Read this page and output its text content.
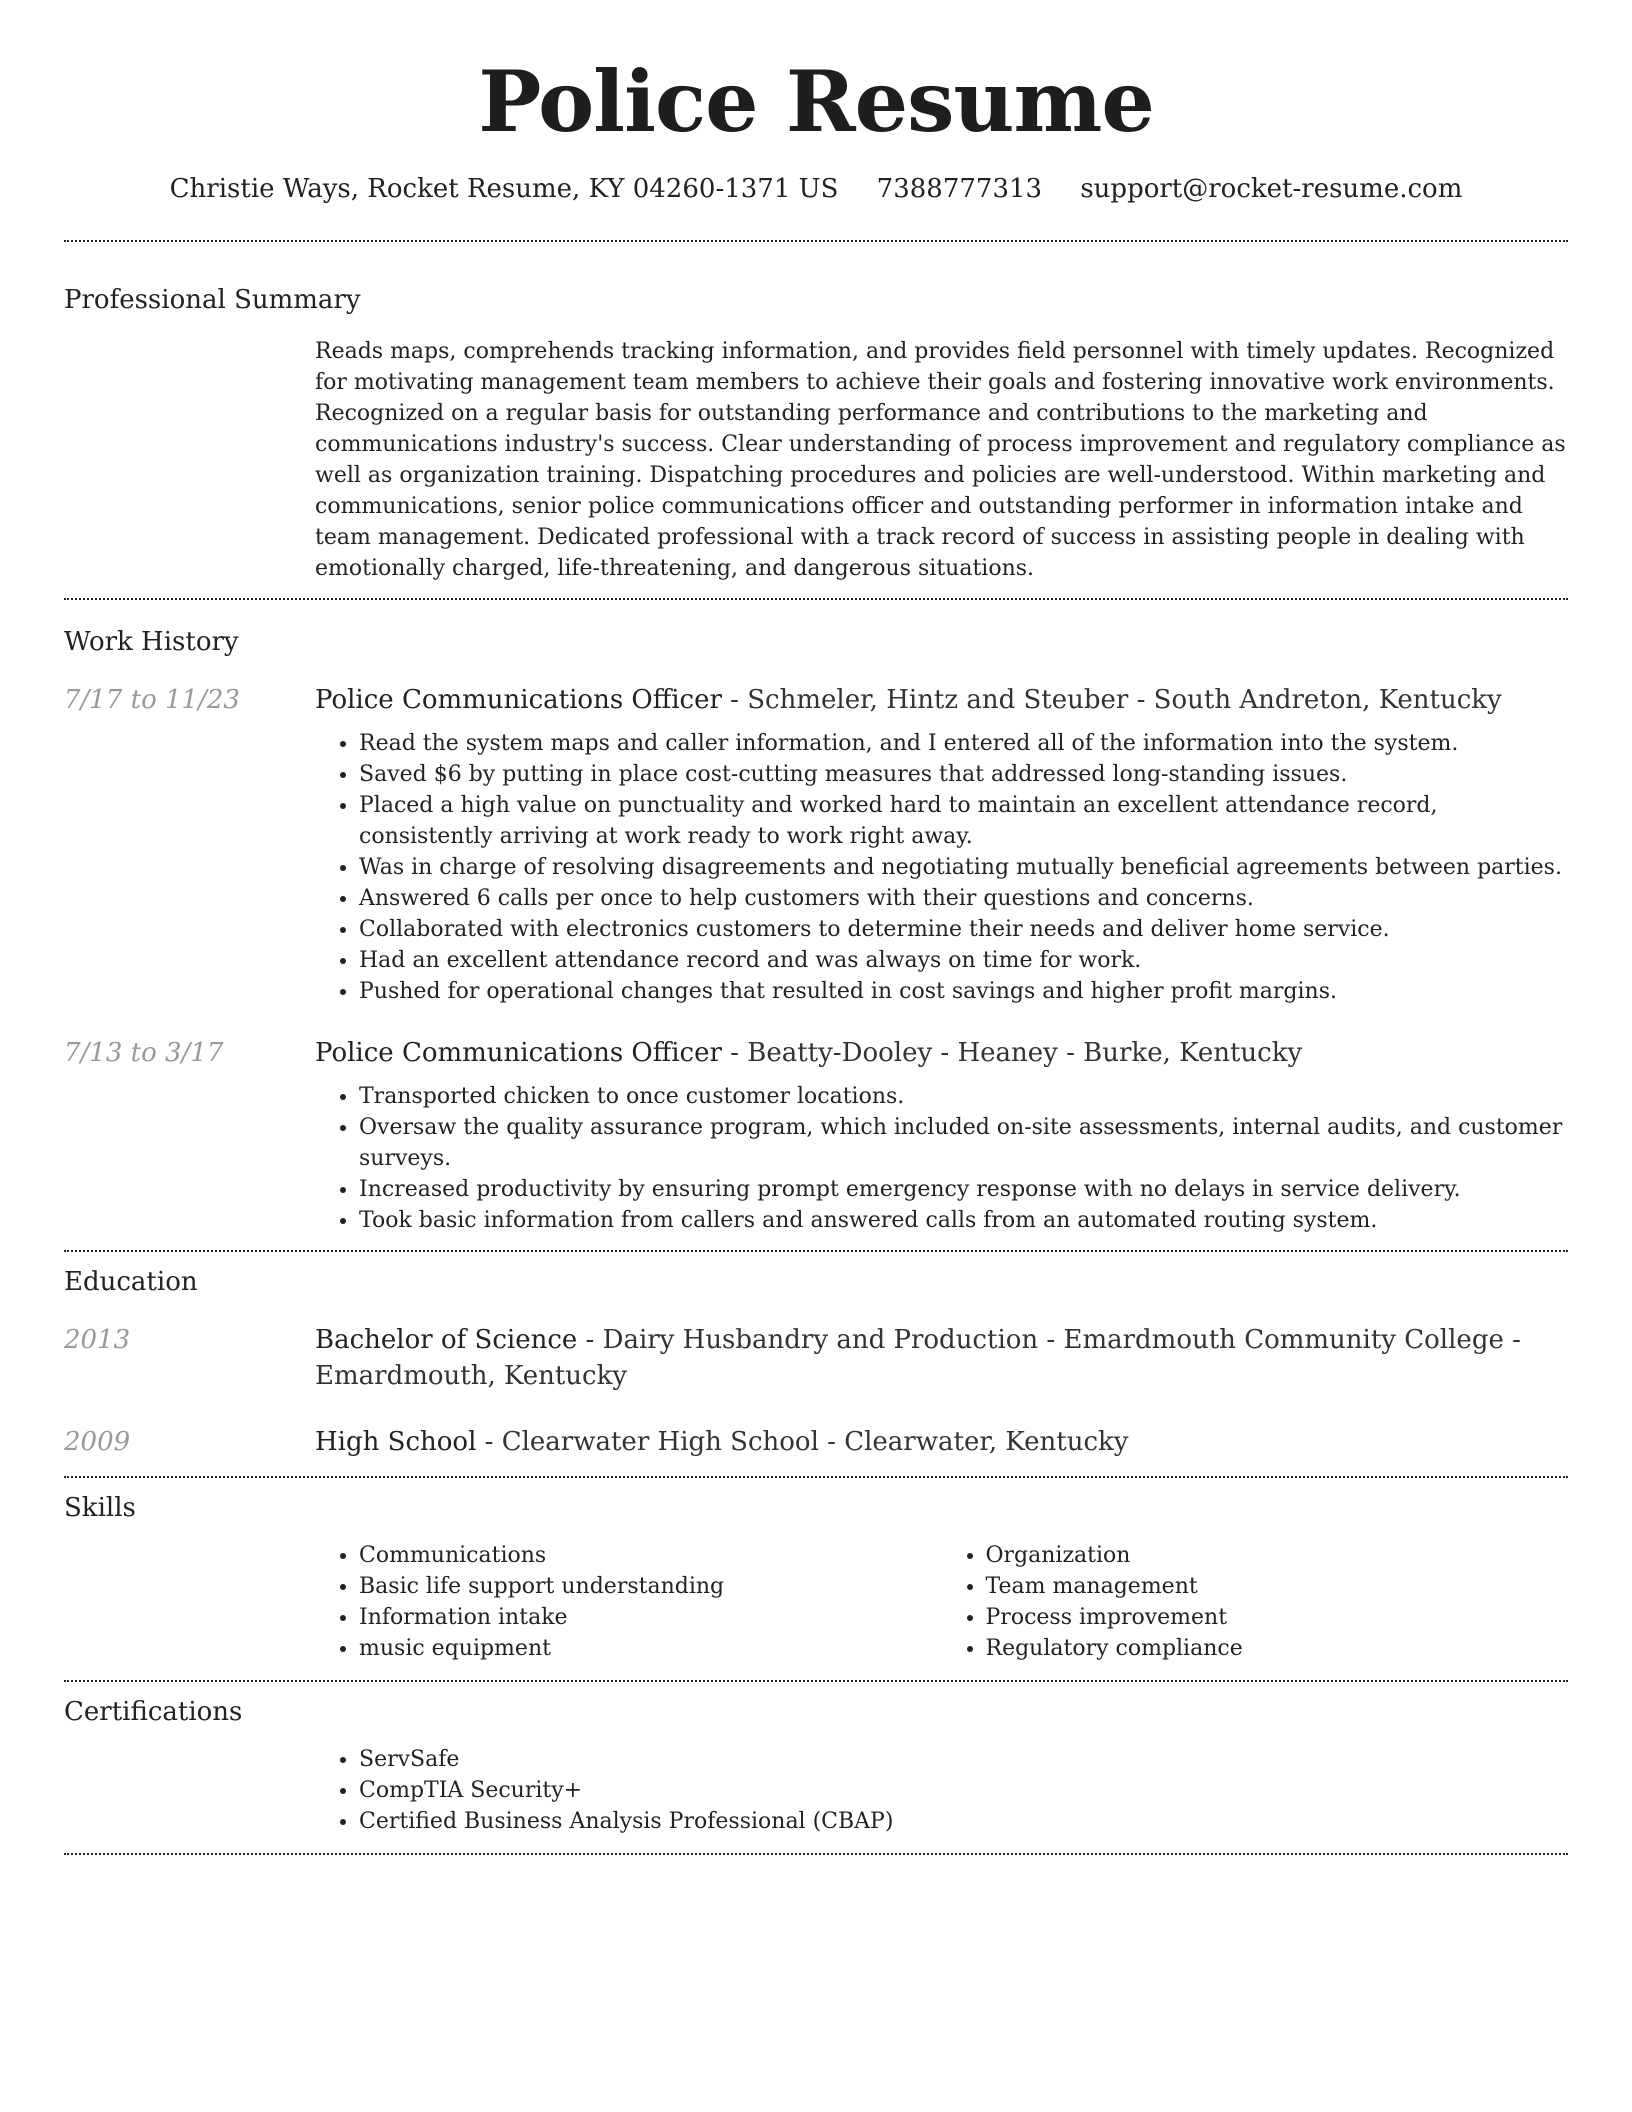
Police Resume
Christie Ways, Rocket Resume, KY 04260-1371 US 7388777313 support@rocket-resume.com
Professional Summary
Reads maps, comprehends tracking information, and provides field personnel with timely updates. Recognized for motivating management team members to achieve their goals and fostering innovative work environments. Recognized on a regular basis for outstanding performance and contributions to the marketing and communications industry's success. Clear understanding of process improvement and regulatory compliance as well as organization training. Dispatching procedures and policies are well-understood. Within marketing and communications, senior police communications officer and outstanding performer in information intake and team management. Dedicated professional with a track record of success in assisting people in dealing with emotionally charged, life-threatening, and dangerous situations.
Work History
7/17 to 11/23	Police Communications Officer - Schmeler, Hintz and Steuber - South Andreton, Kentucky
• Read the system maps and caller information, and I entered all of the information into the system.
• Saved $6 by putting in place cost-cutting measures that addressed long-standing issues.
• Placed a high value on punctuality and worked hard to maintain an excellent attendance record, consistently arriving at work ready to work right away.
• Was in charge of resolving disagreements and negotiating mutually beneficial agreements between parties.
• Answered 6 calls per once to help customers with their questions and concerns.
• Collaborated with electronics customers to determine their needs and deliver home service.
• Had an excellent attendance record and was always on time for work.
• Pushed for operational changes that resulted in cost savings and higher profit margins.
7/13 to 3/17	Police Communications Officer - Beatty-Dooley - Heaney - Burke, Kentucky
• Transported chicken to once customer locations.
• Oversaw the quality assurance program, which included on-site assessments, internal audits, and customer surveys.
• Increased productivity by ensuring prompt emergency response with no delays in service delivery.
• Took basic information from callers and answered calls from an automated routing system.
Education
2013	Bachelor of Science - Dairy Husbandry and Production - Emardmouth Community College - Emardmouth, Kentucky
2009	High School - Clearwater High School - Clearwater, Kentucky
Skills
• Communications
• Basic life support understanding
• Information intake
• music equipment
• Organization
• Team management
• Process improvement
• Regulatory compliance
Certifications
• ServSafe
• CompTIA Security+
• Certified Business Analysis Professional (CBAP)
